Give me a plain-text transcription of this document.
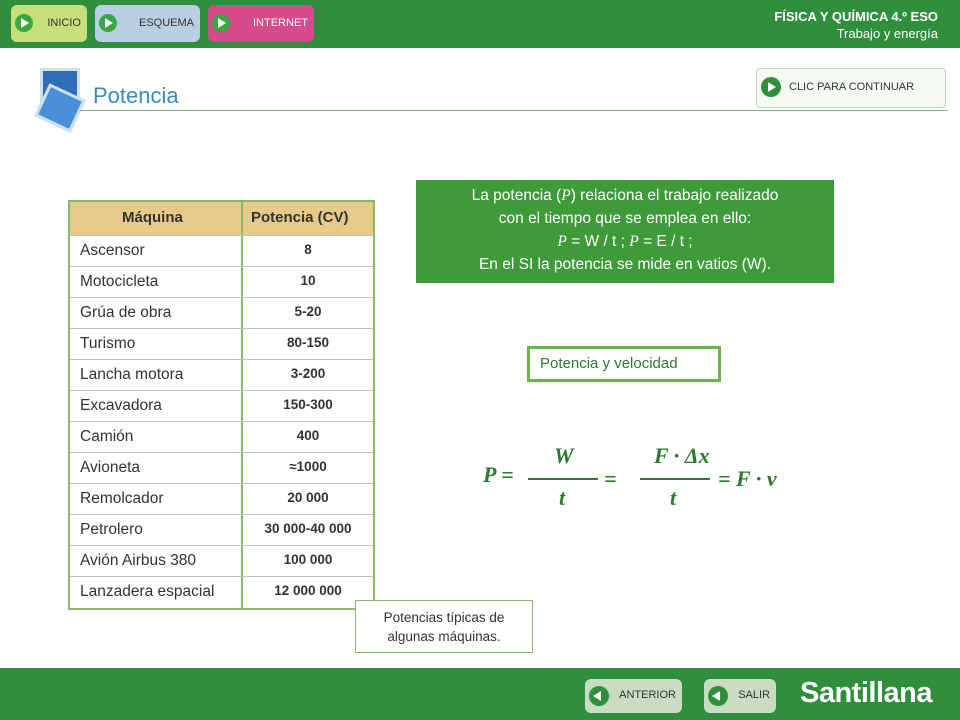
INICIO	ESQUEMA	INTERNET	FÍSICA Y QUÍMICA 4.º ESO
Trabajo y energía
Potencia	CLIC PARA CONTINUAR
La potencia (P) relaciona el trabajo realizado
con el tiempo que se emplea en ello:
P = W / t ; P = E / t ;
En el SI la potencia se mide en vatios (W).
Potencia y velocidad
P =
W
t
=
F · Δx
t
= F · v
Máquina	Potencia (CV)
Ascensor	8
Motocicleta	10
Grúa de obra	5-20
Turismo	80-150
Lancha motora	3-200
Excavadora	150-300
Camión	400
Avioneta	≈1000
Remolcador	20 000
Petrolero	30 000-40 000
Avión Airbus 380	100 000
Lanzadera espacial	12 000 000
Potencias típicas de
algunas máquinas.
ANTERIOR	SALIR Santillana
